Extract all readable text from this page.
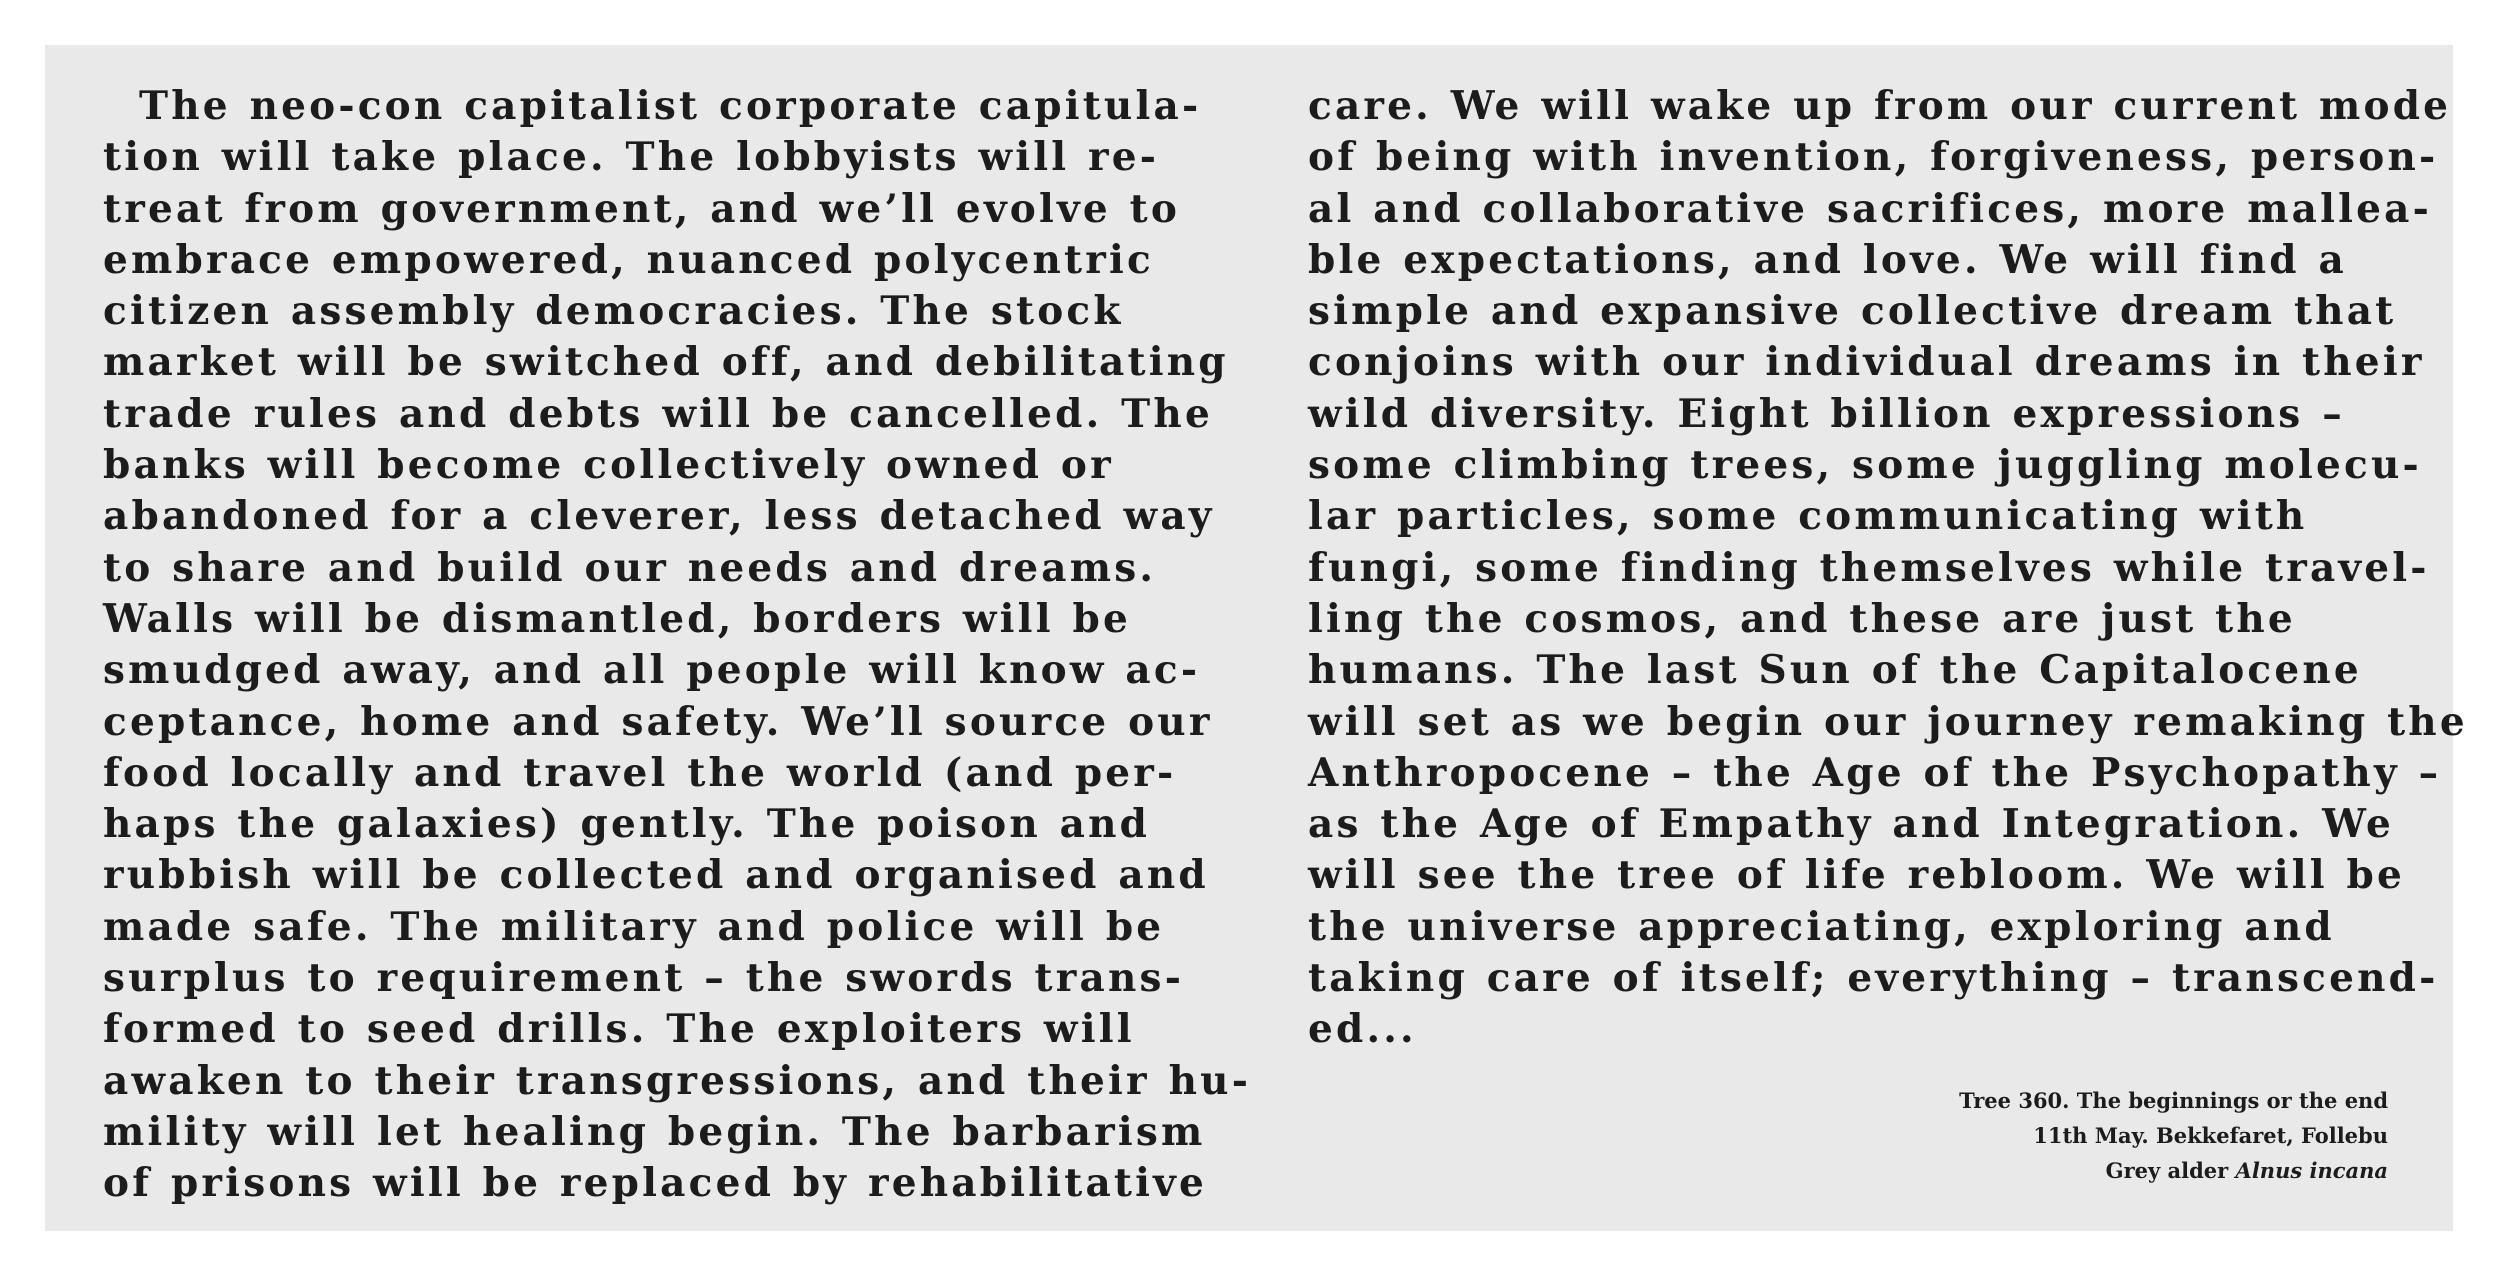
The neo-con capitalist corporate capitula-
tion will take place. The lobbyists will re-
treat from government, and we’ll evolve to
embrace empowered, nuanced polycentric
citizen assembly democracies. The stock
market will be switched off, and debilitating
trade rules and debts will be cancelled. The
banks will become collectively owned or
abandoned for a cleverer, less detached way
to share and build our needs and dreams.
Walls will be dismantled, borders will be
smudged away, and all people will know ac-
ceptance, home and safety. We’ll source our
food locally and travel the world (and per-
haps the galaxies) gently. The poison and
rubbish will be collected and organised and
made safe. The military and police will be
surplus to requirement – the swords trans-
formed to seed drills. The exploiters will
awaken to their transgressions, and their hu-
mility will let healing begin. The barbarism
of prisons will be replaced by rehabilitative
care. We will wake up from our current mode
of being with invention, forgiveness, person-
al and collaborative sacrifices, more mallea-
ble expectations, and love. We will find a
simple and expansive collective dream that
conjoins with our individual dreams in their
wild diversity. Eight billion expressions –
some climbing trees, some juggling molecu-
lar particles, some communicating with
fungi, some finding themselves while travel-
ling the cosmos, and these are just the
humans. The last Sun of the Capitalocene
will set as we begin our journey remaking the
Anthropocene – the Age of the Psychopathy –
as the Age of Empathy and Integration. We
will see the tree of life rebloom. We will be
the universe appreciating, exploring and
taking care of itself; everything – transcend-
ed...
Tree 360. The beginnings or the end
11th May. Bekkefaret, Follebu
Grey alder Alnus incana
